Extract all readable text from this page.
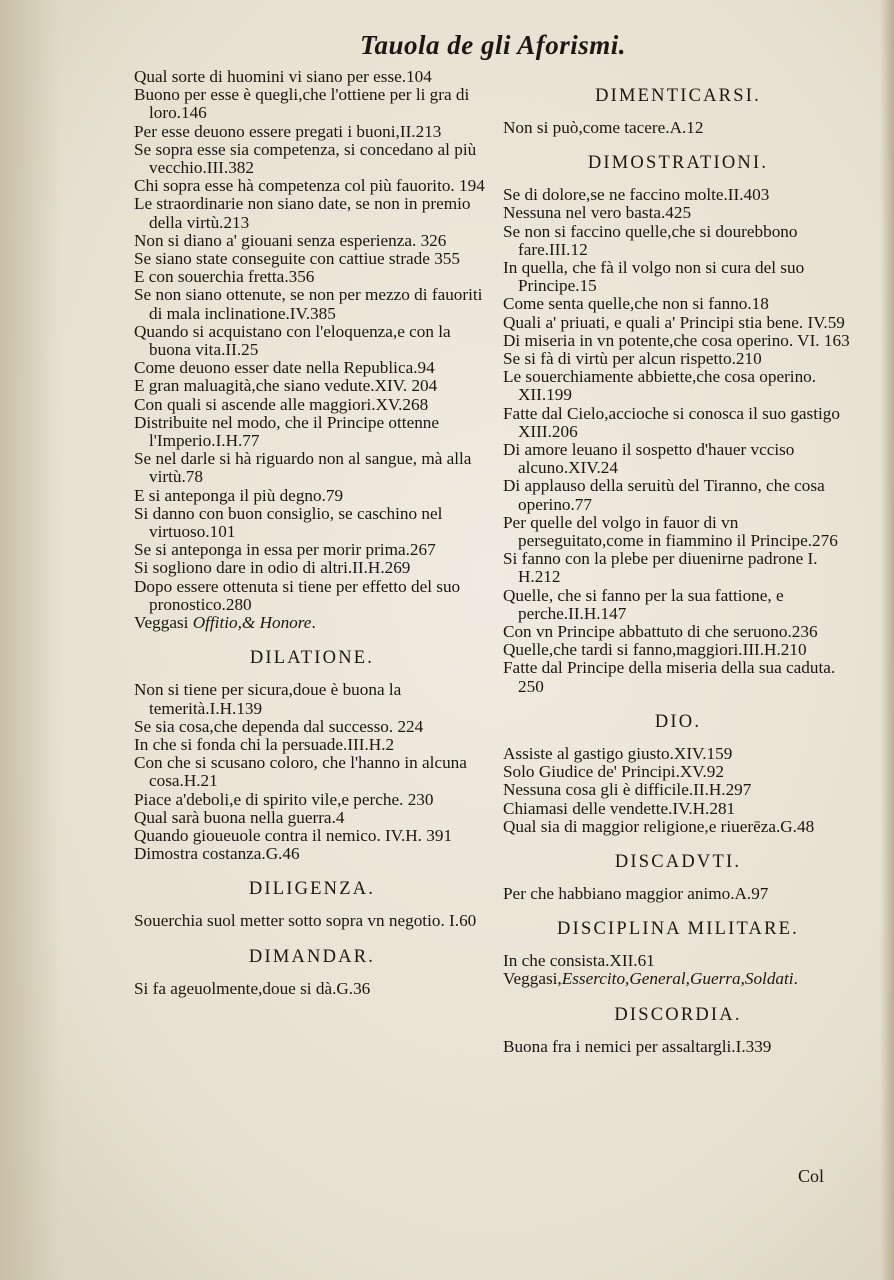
Tauola de gli Aforismi.

Qual sorte di huomini vi siano per esse.104

Buono per esse è quegli,che l'ottiene per li gra di loro.146

Per esse deuono essere pregati i buoni,II.213

Se sopra esse sia competenza, si concedano al più vecchio.III.382

Chi sopra esse hà competenza col più fauorito. 194

Le straordinarie non siano date, se non in premio della virtù.213

Non si diano a' giouani senza esperienza. 326

Se siano state conseguite con cattiue strade 355

E con souerchia fretta.356

Se non siano ottenute, se non per mezzo di fauoriti di mala inclinatione.IV.385

Quando si acquistano con l'eloquenza,e con la buona vita.II.25

Come deuono esser date nella Republica.94

E gran maluagità,che siano vedute.XIV. 204

Con quali si ascende alle maggiori.XV.268

Distribuite nel modo, che il Principe ottenne l'Imperio.I.H.77

Se nel darle si hà riguardo non al sangue, mà alla virtù.78

E si anteponga il più degno.79

Si danno con buon consiglio, se caschino nel virtuoso.101

Se si anteponga in essa per morir prima.267

Si sogliono dare in odio di altri.II.H.269

Dopo essere ottenuta si tiene per effetto del suo pronostico.280

Veggasi Offitio,& Honore.

DILATIONE.

Non si tiene per sicura,doue è buona la temerità.I.H.139

Se sia cosa,che dependa dal successo. 224

In che si fonda chi la persuade.III.H.2

Con che si scusano coloro, che l'hanno in alcuna cosa.H.21

Piace a'deboli,e di spirito vile,e perche. 230

Qual sarà buona nella guerra.4

Quando gioueuole contra il nemico. IV.H. 391

Dimostra costanza.G.46

DILIGENZA.

Souerchia suol metter sotto sopra vn negotio. I.60

DIMANDAR.

Si fa ageuolmente,doue si dà.G.36

DIMENTICARSI.

Non si può,come tacere.A.12

DIMOSTRATIONI.

Se di dolore,se ne faccino molte.II.403

Nessuna nel vero basta.425

Se non si faccino quelle,che si dourebbono fare.III.12

In quella, che fà il volgo non si cura del suo Principe.15

Come senta quelle,che non si fanno.18

Quali a' priuati, e quali a' Principi stia bene. IV.59

Di miseria in vn potente,che cosa operino. VI. 163

Se si fà di virtù per alcun rispetto.210

Le souerchiamente abbiette,che cosa operino. XII.199

Fatte dal Cielo,accioche si conosca il suo gastigo XIII.206

Di amore leuano il sospetto d'hauer vcciso alcuno.XIV.24

Di applauso della seruitù del Tiranno, che cosa operino.77

Per quelle del volgo in fauor di vn perseguitato,come in fiammino il Principe.276

Si fanno con la plebe per diuenirne padrone I. H.212

Quelle, che si fanno per la sua fattione, e perche.II.H.147

Con vn Principe abbattuto di che seruono.236

Quelle,che tardi si fanno,maggiori.III.H.210

Fatte dal Principe della miseria della sua caduta. 250

DIO.

Assiste al gastigo giusto.XIV.159

Solo Giudice de' Principi.XV.92

Nessuna cosa gli è difficile.II.H.297

Chiamasi delle vendette.IV.H.281

Qual sia di maggior religione,e riuerēza.G.48

DISCADVTI.

Per che habbiano maggior animo.A.97

DISCIPLINA MILITARE.

In che consista.XII.61

Veggasi,Essercito,General,Guerra,Soldati.

DISCORDIA.

Buona fra i nemici per assaltargli.I.339

Col
